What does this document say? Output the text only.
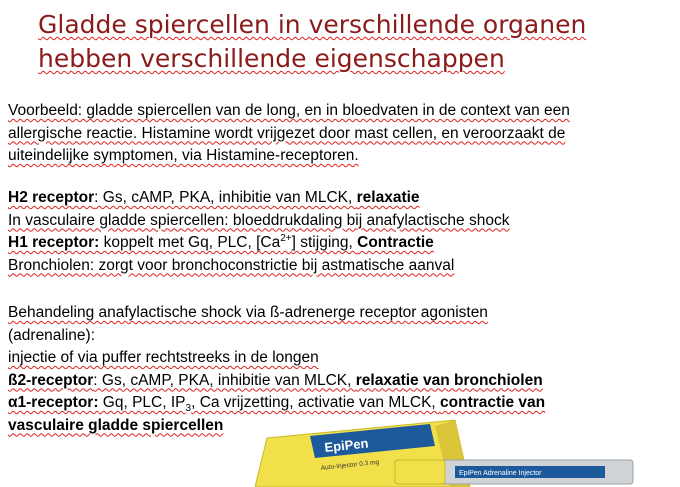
Gladde spiercellen in verschillende organen
hebben verschillende eigenschappen
Voorbeeld: gladde spiercellen van de long, en in bloedvaten in de context van een
allergische reactie. Histamine wordt vrijgezet door mast cellen, en veroorzaakt de
uiteindelijke symptomen, via Histamine-receptoren.
H2 receptor: Gs, cAMP, PKA, inhibitie van MLCK, relaxatie
In vasculaire gladde spiercellen: bloeddrukdaling bij anafylactische shock
H1 receptor: koppelt met Gq, PLC, $[Ca^{2+}]$ stijging, Contractie
Bronchiolen: zorgt voor bronchoconstrictie bij astmatische aanval
Behandeling anafylactische shock via ß-adrenerge receptor agonisten
(adrenaline):
injectie of via puffer rechtstreeks in de longen
ß2-receptor: Gs, cAMP, PKA, inhibitie van MLCK, relaxatie van bronchiolen
α1-receptor: Gq, PLC, $IP_3$, Ca vrijzetting, activatie van MLCK, contractie van
vasculaire gladde spiercellen
EpiPen
Auto-Injector 0.3 mg
EpiPen Adrenaline Injector
